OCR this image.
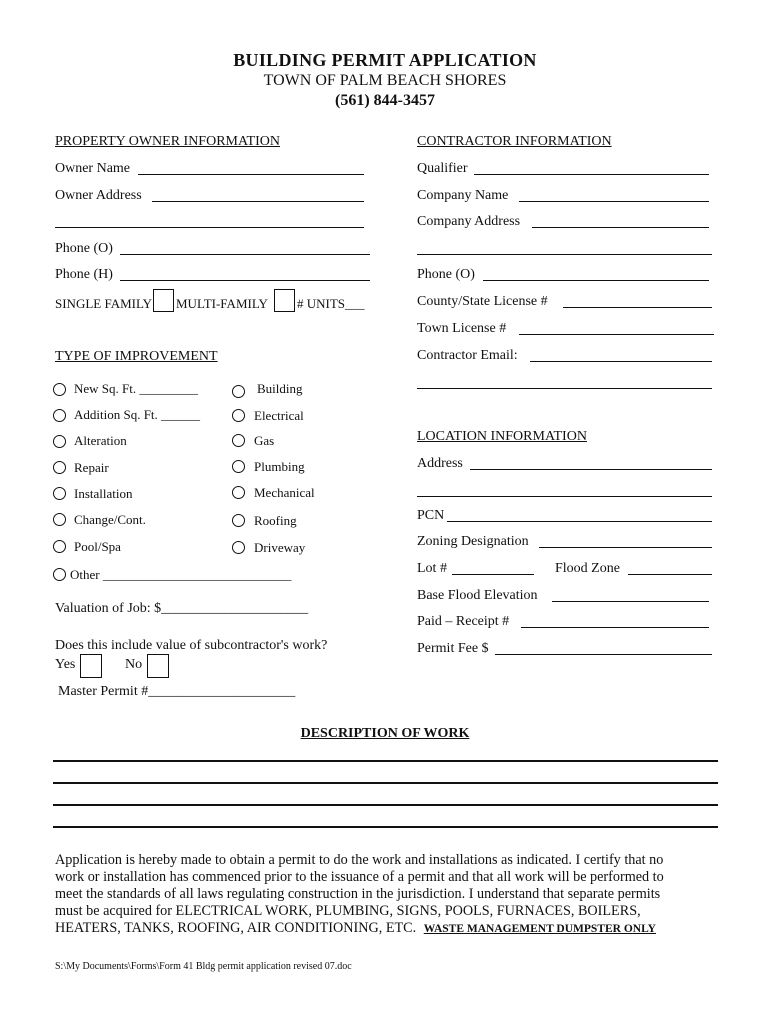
BUILDING PERMIT APPLICATION
TOWN OF PALM BEACH SHORES
(561) 844-3457
PROPERTY OWNER INFORMATION
Owner Name
Owner Address
Phone (O)
Phone (H)
SINGLE FAMILY MULTI-FAMILY # UNITS___
CONTRACTOR INFORMATION
Qualifier
Company Name
Company Address
Phone (O)
County/State License #
Town License #
Contractor Email:
TYPE OF IMPROVEMENT
New Sq. Ft. _________
Addition Sq. Ft. ______
Alteration
Repair
Installation
Change/Cont.
Pool/Spa
Building
Electrical
Gas
Plumbing
Mechanical
Roofing
Driveway
Other _____________________________
Valuation of Job: $_____________________
Does this include value of subcontractor's work?
Yes	No
Master Permit #_____________________
LOCATION INFORMATION
Address
PCN
Zoning Designation
Lot #	Flood Zone
Base Flood Elevation
Paid – Receipt #
Permit Fee $
DESCRIPTION OF WORK
Application is hereby made to obtain a permit to do the work and installations as indicated. I certify that no
work or installation has commenced prior to the issuance of a permit and that all work will be performed to
meet the standards of all laws regulating construction in the jurisdiction. I understand that separate permits
must be acquired for ELECTRICAL WORK, PLUMBING, SIGNS, POOLS, FURNACES, BOILERS,
HEATERS, TANKS, ROOFING, AIR CONDITIONING, ETC. WASTE MANAGEMENT DUMPSTER ONLY
S:\My Documents\Forms\Form 41 Bldg permit application revised 07.doc
